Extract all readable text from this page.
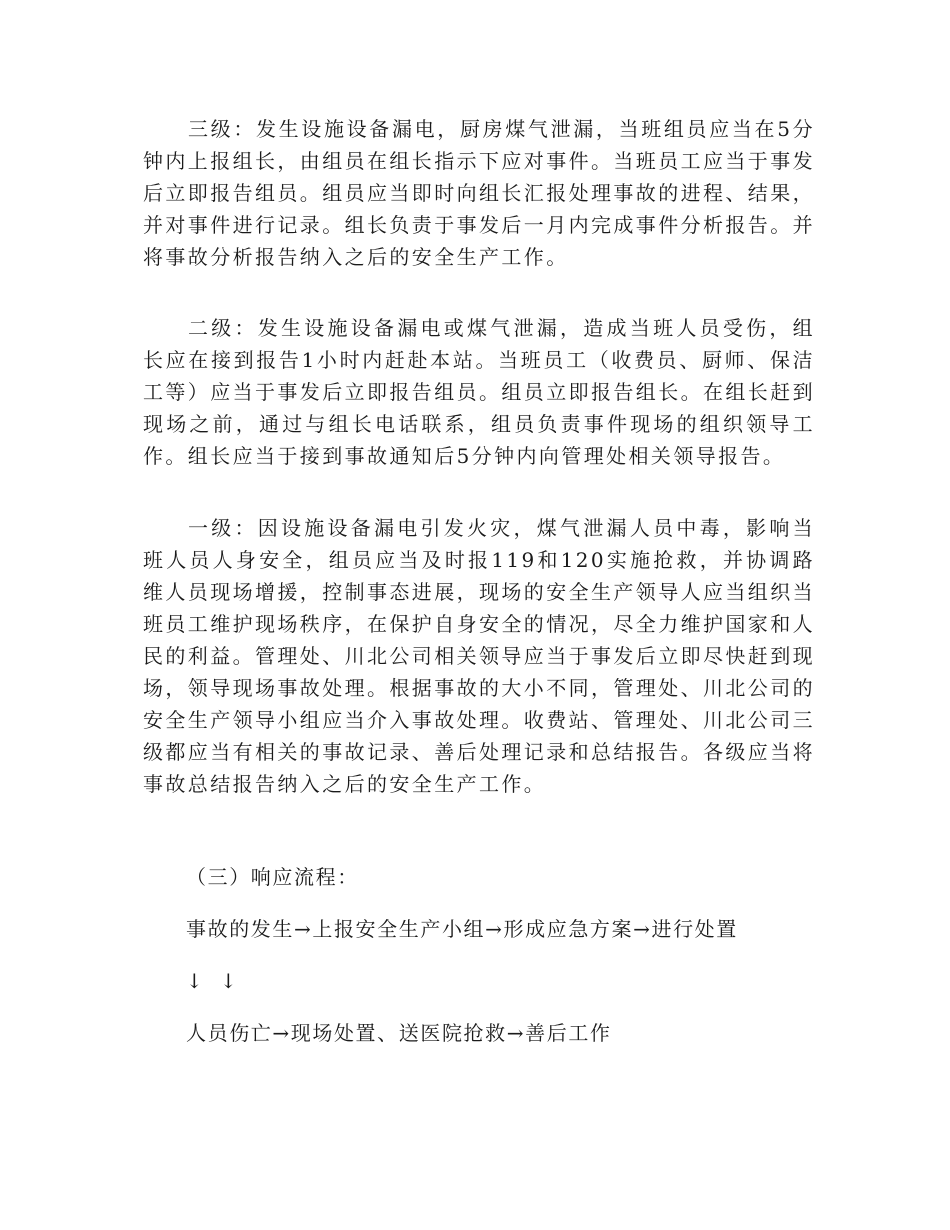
三级：发生设施设备漏电，厨房煤气泄漏，当班组员应当在5分钟内上报组长，由组员在组长指示下应对事件。当班员工应当于事发后立即报告组员。组员应当即时向组长汇报处理事故的进程、结果，并对事件进行记录。组长负责于事发后一月内完成事件分析报告。并将事故分析报告纳入之后的安全生产工作。

二级：发生设施设备漏电或煤气泄漏，造成当班人员受伤，组长应在接到报告1小时内赶赴本站。当班员工（收费员、厨师、保洁工等）应当于事发后立即报告组员。组员立即报告组长。在组长赶到现场之前，通过与组长电话联系，组员负责事件现场的组织领导工作。组长应当于接到事故通知后5分钟内向管理处相关领导报告。

一级：因设施设备漏电引发火灾，煤气泄漏人员中毒，影响当班人员人身安全，组员应当及时报119和120实施抢救，并协调路维人员现场增援，控制事态进展，现场的安全生产领导人应当组织当班员工维护现场秩序，在保护自身安全的情况，尽全力维护国家和人民的利益。管理处、川北公司相关领导应当于事发后立即尽快赶到现场，领导现场事故处理。根据事故的大小不同，管理处、川北公司的安全生产领导小组应当介入事故处理。收费站、管理处、川北公司三级都应当有相关的事故记录、善后处理记录和总结报告。各级应当将事故总结报告纳入之后的安全生产工作。

（三）响应流程：

事故的发生→上报安全生产小组→形成应急方案→进行处置

↓ ↓

人员伤亡→现场处置、送医院抢救→善后工作
